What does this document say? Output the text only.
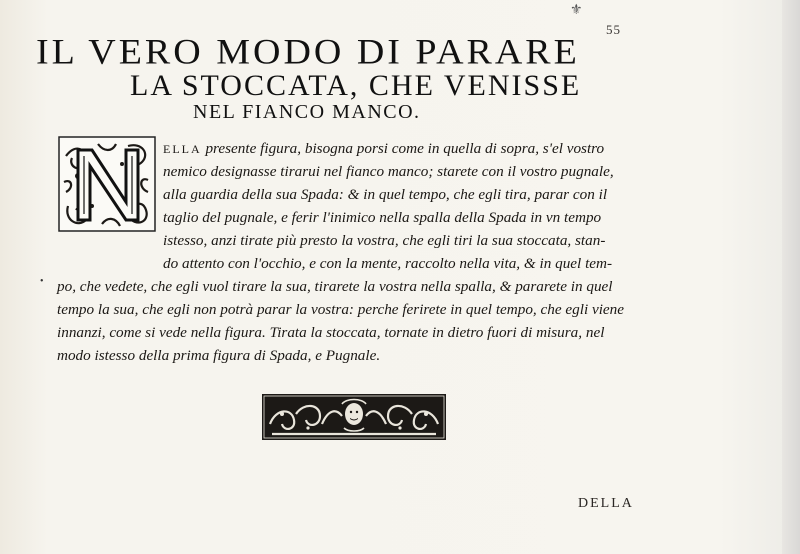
⚜
55
IL VERO MODO DI PARARE
LA STOCCATA, CHE VENISSE
NEL FIANCO MANCO.
ELLA presente figura, bisogna porsi come in quella di sopra, s'el vostro
nemico designasse tirarui nel fianco manco; starete con il vostro pugnale,
alla guardia della sua Spada: & in quel tempo, che egli tira, parar con il
taglio del pugnale, e ferir l'inimico nella spalla della Spada in vn tempo
istesso, anzi tirate più presto la vostra, che egli tiri la sua stoccata, stan-
do attento con l'occhio, e con la mente, raccolto nella vita, & in quel tem-
• po, che vedete, che egli vuol tirare la sua, tirarete la vostra nella spalla, & pararete in quel
tempo la sua, che egli non potrà parar la vostra: perche ferirete in quel tempo, che egli viene
innanzi, come si vede nella figura. Tirata la stoccata, tornate in dietro fuori di misura, nel
modo istesso della prima figura di Spada, e Pugnale.
DELLA
